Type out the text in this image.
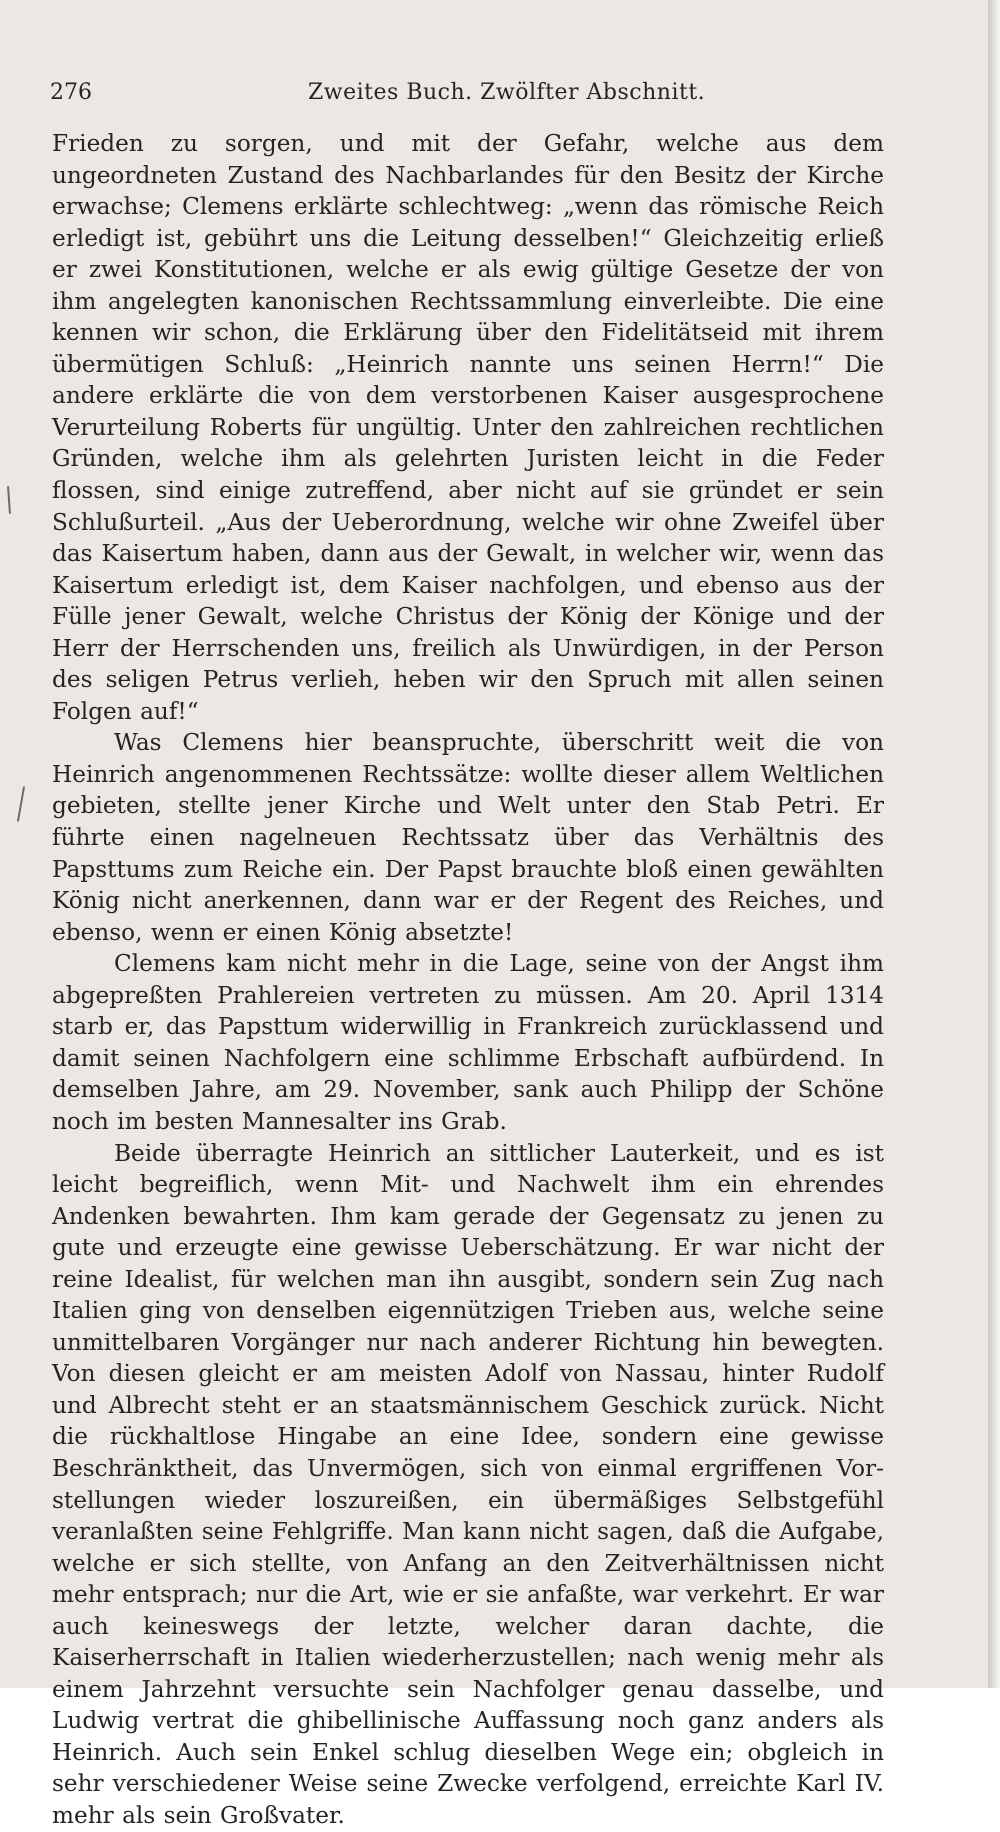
276	Zweites Buch. Zwölfter Abschnitt.

Frieden zu sorgen, und mit der Gefahr, welche aus dem ungeordneten Zustand des Nachbarlandes für den Besitz der Kirche erwachse; Clemens erklärte schlechtweg: „wenn das römische Reich erledigt ist, gebührt uns die Leitung desselben!“ Gleichzeitig erließ er zwei Konstitutionen, welche er als ewig gültige Gesetze der von ihm angelegten kanonischen Rechtssammlung einverleibte. Die eine kennen wir schon, die Erklärung über den Fidelitätseid mit ihrem übermütigen Schluß: „Heinrich nannte uns seinen Herrn!“ Die andere erklärte die von dem verstorbenen Kaiser ausgesprochene Verurteilung Roberts für ungültig. Unter den zahlreichen rechtlichen Gründen, welche ihm als gelehrten Juristen leicht in die Feder flossen, sind einige zutreffend, aber nicht auf sie gründet er sein Schlußurteil. „Aus der Ueberordnung, welche wir ohne Zweifel über das Kaisertum haben, dann aus der Gewalt, in welcher wir, wenn das Kaisertum erledigt ist, dem Kaiser nachfolgen, und ebenso aus der Fülle jener Gewalt, welche Christus der König der Könige und der Herr der Herrschenden uns, freilich als Unwürdigen, in der Person des seligen Petrus verlieh, heben wir den Spruch mit allen seinen Folgen auf!“

Was Clemens hier beanspruchte, überschritt weit die von Heinrich angenommenen Rechtssätze: wollte dieser allem Weltlichen gebieten, stellte jener Kirche und Welt unter den Stab Petri. Er führte einen nagelneuen Rechtssatz über das Verhältnis des Papsttums zum Reiche ein. Der Papst brauchte bloß einen gewählten König nicht anerkennen, dann war er der Regent des Reiches, und ebenso, wenn er einen König absetzte!

Clemens kam nicht mehr in die Lage, seine von der Angst ihm abgepreßten Prahlereien vertreten zu müssen. Am 20. April 1314 starb er, das Papsttum widerwillig in Frankreich zurücklassend und damit seinen Nachfolgern eine schlimme Erbschaft aufbürdend. In demselben Jahre, am 29. November, sank auch Philipp der Schöne noch im besten Mannesalter ins Grab.

Beide überragte Heinrich an sittlicher Lauterkeit, und es ist leicht begreiflich, wenn Mit- und Nachwelt ihm ein ehrendes Andenken bewahrten. Ihm kam gerade der Gegensatz zu jenen zu gute und erzeugte eine gewisse Ueberschätzung. Er war nicht der reine Idealist, für welchen man ihn ausgibt, sondern sein Zug nach Italien ging von denselben eigennützigen Trieben aus, welche seine unmittelbaren Vorgänger nur nach anderer Richtung hin bewegten. Von diesen gleicht er am meisten Adolf von Nassau, hinter Rudolf und Albrecht steht er an staatsmännischem Geschick zurück. Nicht die rückhaltlose Hingabe an eine Idee, sondern eine gewisse Beschränktheit, das Unvermögen, sich von einmal ergriffenen Vorstellungen wieder loszureißen, ein übermäßiges Selbstgefühl veranlaßten seine Fehlgriffe. Man kann nicht sagen, daß die Aufgabe, welche er sich stellte, von Anfang an den Zeitverhältnissen nicht mehr entsprach; nur die Art, wie er sie anfaßte, war verkehrt. Er war auch keineswegs der letzte, welcher daran dachte, die Kaiserherrschaft in Italien wiederherzustellen; nach wenig mehr als einem Jahrzehnt versuchte sein Nachfolger genau dasselbe, und Ludwig vertrat die ghibellinische Auffassung noch ganz anders als Heinrich. Auch sein Enkel schlug dieselben Wege ein; obgleich in sehr verschiedener Weise seine Zwecke verfolgend, erreichte Karl IV. mehr als sein Großvater.
